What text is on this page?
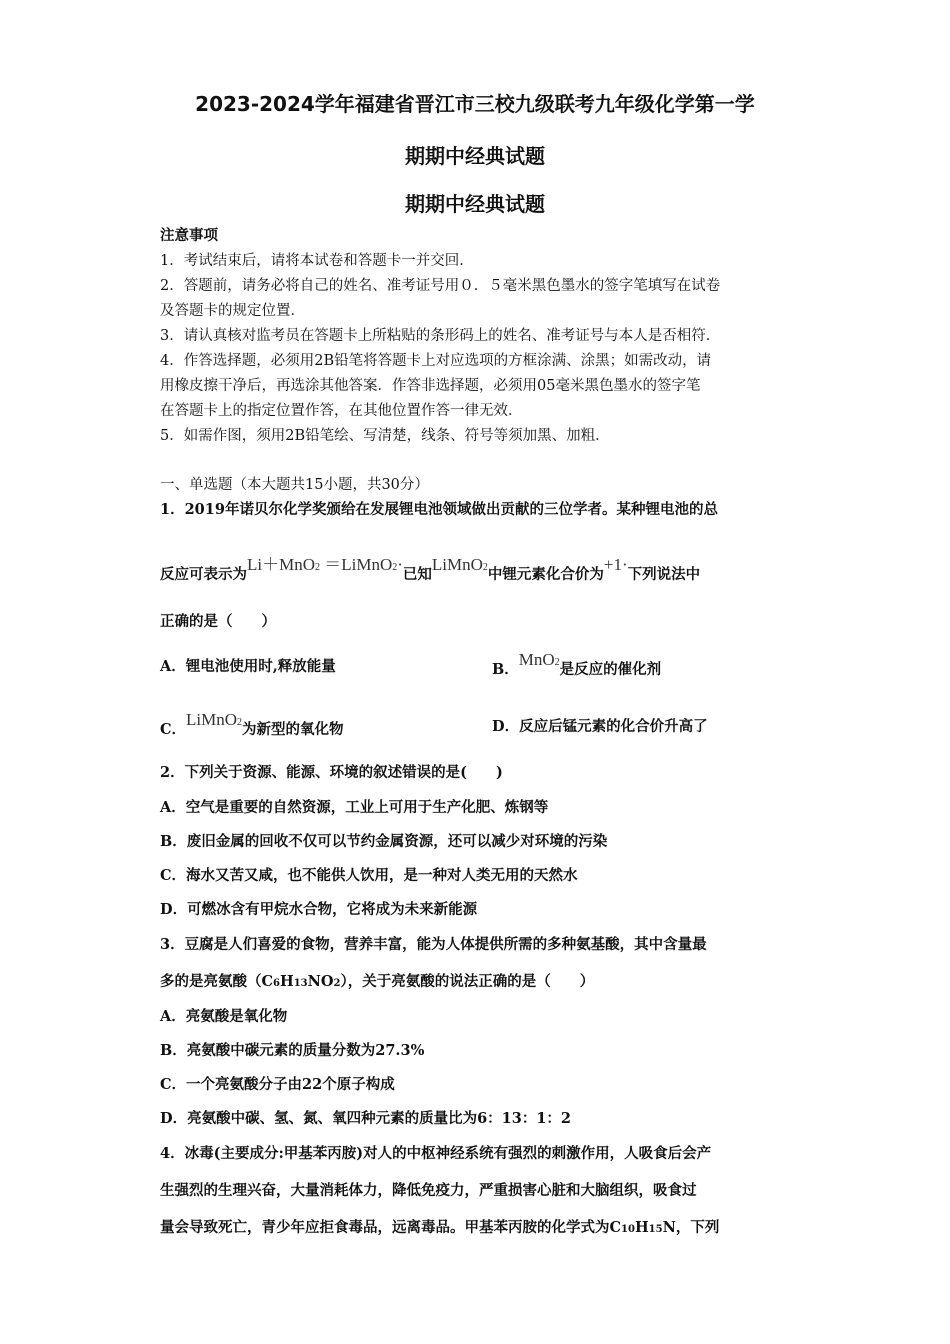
2023-2024学年福建省晋江市三校九级联考九年级化学第一学
期期中经典试题
期期中经典试题
注意事项
1．考试结束后，请将本试卷和答题卡一并交回．
2．答题前，请务必将自己的姓名、准考证号用０．５毫米黑色墨水的签字笔填写在试卷
及答题卡的规定位置．
3．请认真核对监考员在答题卡上所粘贴的条形码上的姓名、准考证号与本人是否相符．
4．作答选择题，必须用2B铅笔将答题卡上对应选项的方框涂满、涂黑；如需改动，请
用橡皮擦干净后，再选涂其他答案．作答非选择题，必须用05毫米黑色墨水的签字笔
在答题卡上的指定位置作答，在其他位置作答一律无效．
5．如需作图，须用2B铅笔绘、写清楚，线条、符号等须加黑、加粗．
一、单选题（本大题共15小题，共30分）
1．2019年诺贝尔化学奖颁给在发展锂电池领域做出贡献的三位学者。某种锂电池的总
反应可表示为Li＋MnO2 ＝LiMnO2·已知LiMnO2中锂元素化合价为+1·下列说法中
正确的是（　　）
A．锂电池使用时,释放能量	B．MnO2是反应的催化剂
C．LiMnO2为新型的氧化物	D．反应后锰元素的化合价升高了
2．下列关于资源、能源、环境的叙述错误的是(　　)
A．空气是重要的自然资源，工业上可用于生产化肥、炼钢等
B．废旧金属的回收不仅可以节约金属资源，还可以减少对环境的污染
C．海水又苦又咸，也不能供人饮用，是一种对人类无用的天然水
D．可燃冰含有甲烷水合物，它将成为未来新能源
3．豆腐是人们喜爱的食物，营养丰富，能为人体提供所需的多种氨基酸，其中含量最
多的是亮氨酸（C6H13NO2），关于亮氨酸的说法正确的是（　　）
A．亮氨酸是氧化物
B．亮氨酸中碳元素的质量分数为27.3%
C．一个亮氨酸分子由22个原子构成
D．亮氨酸中碳、氢、氮、氧四种元素的质量比为6：13：1：2
4．冰毒(主要成分:甲基苯丙胺)对人的中枢神经系统有强烈的刺激作用，人吸食后会产
生强烈的生理兴奋，大量消耗体力，降低免疫力，严重损害心脏和大脑组织，吸食过
量会导致死亡，青少年应拒食毒品，远离毒品。甲基苯丙胺的化学式为C10H15N，下列
